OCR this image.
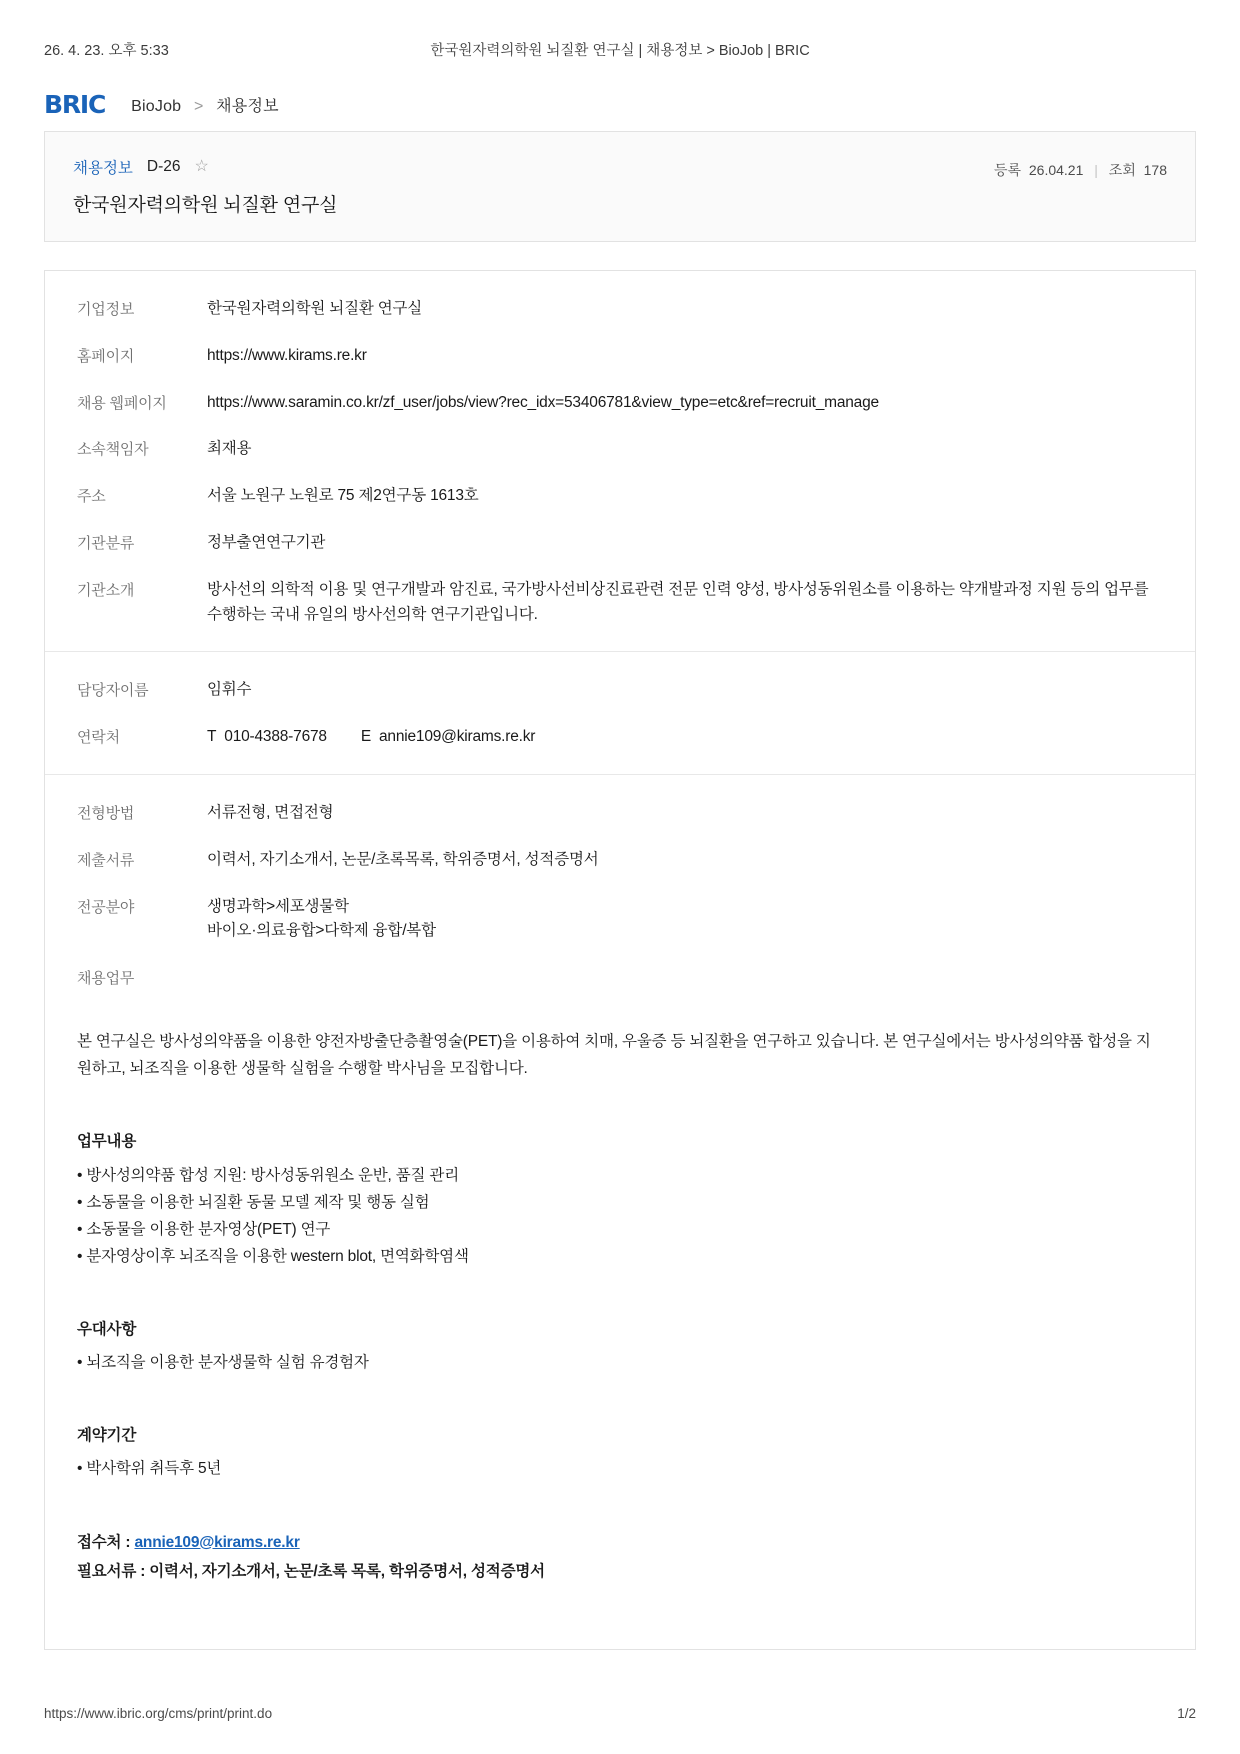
26. 4. 23. 오후 5:33	한국원자력의학원 뇌질환 연구실 | 채용정보 > BioJob | BRIC
BRIC BioJob > 채용정보
채용정보 D-26 ☆
한국원자력의학원 뇌질환 연구실
등록 26.04.21 | 조회 178
기업정보	한국원자력의학원 뇌질환 연구실
홈페이지	https://www.kirams.re.kr
채용 웹페이지	https://www.saramin.co.kr/zf_user/jobs/view?rec_idx=53406781&view_type=etc&ref=recruit_manage
소속책임자	최재용
주소	서울 노원구 노원로 75 제2연구동 1613호
기관분류	정부출연연구기관
기관소개	방사선의 의학적 이용 및 연구개발과 암진료, 국가방사선비상진료관련 전문 인력 양성, 방사성동위원소를 이용하는 약개발과정 지원 등의 업무를 수행하는 국내 유일의 방사선의학 연구기관입니다.
담당자이름	임휘수
연락처	T 010-4388-7678 E annie109@kirams.re.kr
전형방법	서류전형, 면접전형
제출서류	이력서, 자기소개서, 논문/초록목록, 학위증명서, 성적증명서
전공분야	생명과학>세포생물학
바이오·의료융합>다학제 융합/복합
채용업무
본 연구실은 방사성의약품을 이용한 양전자방출단층촬영술(PET)을 이용하여 치매, 우울증 등 뇌질환을 연구하고 있습니다. 본 연구실에서는 방사성의약품 합성을 지원하고, 뇌조직을 이용한 생물학 실험을 수행할 박사님을 모집합니다.
업무내용
• 방사성의약품 합성 지원: 방사성동위원소 운반, 품질 관리
• 소동물을 이용한 뇌질환 동물 모델 제작 및 행동 실험
• 소동물을 이용한 분자영상(PET) 연구
• 분자영상이후 뇌조직을 이용한 western blot, 면역화학염색
우대사항
• 뇌조직을 이용한 분자생물학 실험 유경험자
계약기간
• 박사학위 취득후 5년
접수처 : annie109@kirams.re.kr
필요서류 : 이력서, 자기소개서, 논문/초록 목록, 학위증명서, 성적증명서
https://www.ibric.org/cms/print/print.do	1/2
